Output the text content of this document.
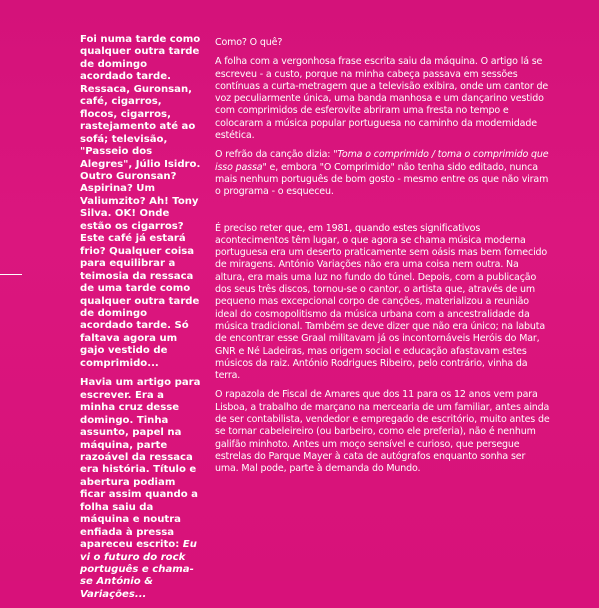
Foi numa tarde como qualquer outra tarde de domingo acordado tarde. Ressaca, Guronsan, café, cigarros, flocos, cigarros, rastejamento até ao sofá; televisão, "Passeio dos Alegres", Júlio Isidro. Outro Guronsan? Aspirina? Um Valiumzito? Ah! Tony Silva. OK! Onde estão os cigarros? Este café já estará frio? Qualquer coisa para equilibrar a teimosia da ressaca de uma tarde como qualquer outra tarde de domingo acordado tarde. Só faltava agora um gajo vestido de comprimido...

Havia um artigo para escrever. Era a minha cruz desse domingo. Tinha assunto, papel na máquina, parte razoável da ressaca era história. Título e abertura podiam ficar assim quando a folha saiu da máquina e noutra enfiada à pressa apareceu escrito: Eu vi o futuro do rock português e chama-se António & Variações...

Como? O quê?

A folha com a vergonhosa frase escrita saiu da máquina. O artigo lá se escreveu - a custo, porque na minha cabeça passava em sessões contínuas a curta-metragem que a televisão exibira, onde um cantor de voz peculiarmente única, uma banda manhosa e um dançarino vestido com comprimidos de esferovite abriram uma fresta no tempo e colocaram a música popular portuguesa no caminho da modernidade estética.

O refrão da canção dizia: "Toma o comprimido / toma o comprimido que isso passa" e, embora "O Comprimido" não tenha sido editado, nunca mais nenhum português de bom gosto - mesmo entre os que não viram o programa - o esqueceu.

É preciso reter que, em 1981, quando estes significativos acontecimentos têm lugar, o que agora se chama música moderna portuguesa era um deserto praticamente sem oásis mas bem fornecido de miragens. António Variações não era uma coisa nem outra. Na altura, era mais uma luz no fundo do túnel. Depois, com a publicação dos seus três discos, tornou-se o cantor, o artista que, através de um pequeno mas excepcional corpo de canções, materializou a reunião ideal do cosmopolitismo da música urbana com a ancestralidade da música tradicional. Também se deve dizer que não era único; na labuta de encontrar esse Graal militavam já os incontornáveis Heróis do Mar, GNR e Né Ladeiras, mas origem social e educação afastavam estes músicos da raiz. António Rodrigues Ribeiro, pelo contrário, vinha da terra.

O rapazola de Fiscal de Amares que dos 11 para os 12 anos vem para Lisboa, a trabalho de marçano na mercearia de um familiar, antes ainda de ser contabilista, vendedor e empregado de escritório, muito antes de se tornar cabeleireiro (ou barbeiro, como ele preferia), não é nenhum galifão minhoto. Antes um moço sensível e curioso, que persegue estrelas do Parque Mayer à cata de autógrafos enquanto sonha ser uma. Mal pode, parte à demanda do Mundo.
